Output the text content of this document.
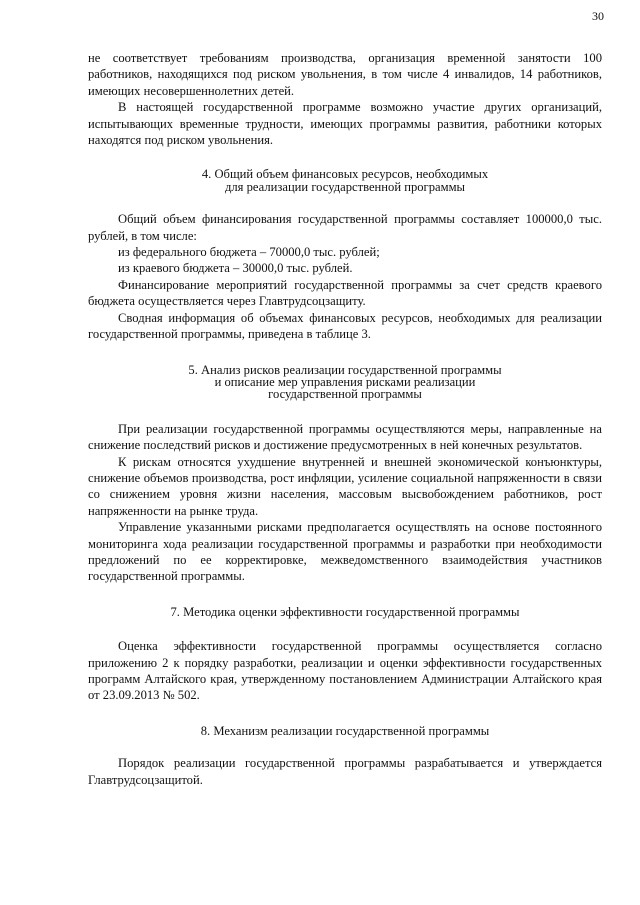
30

не соответствует требованиям производства, организация временной занятости 100 работников, находящихся под риском увольнения, в том числе 4 инвалидов, 14 работников, имеющих несовершеннолетних детей.

В настоящей государственной программе возможно участие других организаций, испытывающих временные трудности, имеющих программы развития, работники которых находятся под риском увольнения.

4. Общий объем финансовых ресурсов, необходимых
для реализации государственной программы

Общий объем финансирования государственной программы составляет 100000,0 тыс. рублей, в том числе:

из федерального бюджета – 70000,0 тыс. рублей;

из краевого бюджета – 30000,0 тыс. рублей.

Финансирование мероприятий государственной программы за счет средств краевого бюджета осуществляется через Главтрудсоцзащиту.

Сводная информация об объемах финансовых ресурсов, необходимых для реализации государственной программы, приведена в таблице 3.

5. Анализ рисков реализации государственной программы
и описание мер управления рисками реализации
государственной программы

При реализации государственной программы осуществляются меры, направленные на снижение последствий рисков и достижение предусмотренных в ней конечных результатов.

К рискам относятся ухудшение внутренней и внешней экономической конъюнктуры, снижение объемов производства, рост инфляции, усиление социальной напряженности в связи со снижением уровня жизни населения, массовым высвобождением работников, рост напряженности на рынке труда.

Управление указанными рисками предполагается осуществлять на основе постоянного мониторинга хода реализации государственной программы и разработки при необходимости предложений по ее корректировке, межведомственного взаимодействия участников государственной программы.

7. Методика оценки эффективности государственной программы

Оценка эффективности государственной программы осуществляется согласно приложению 2 к порядку разработки, реализации и оценки эффективности государственных программ Алтайского края, утвержденному постановлением Администрации Алтайского края от 23.09.2013 № 502.

8. Механизм реализации государственной программы

Порядок реализации государственной программы разрабатывается и утверждается Главтрудсоцзащитой.
